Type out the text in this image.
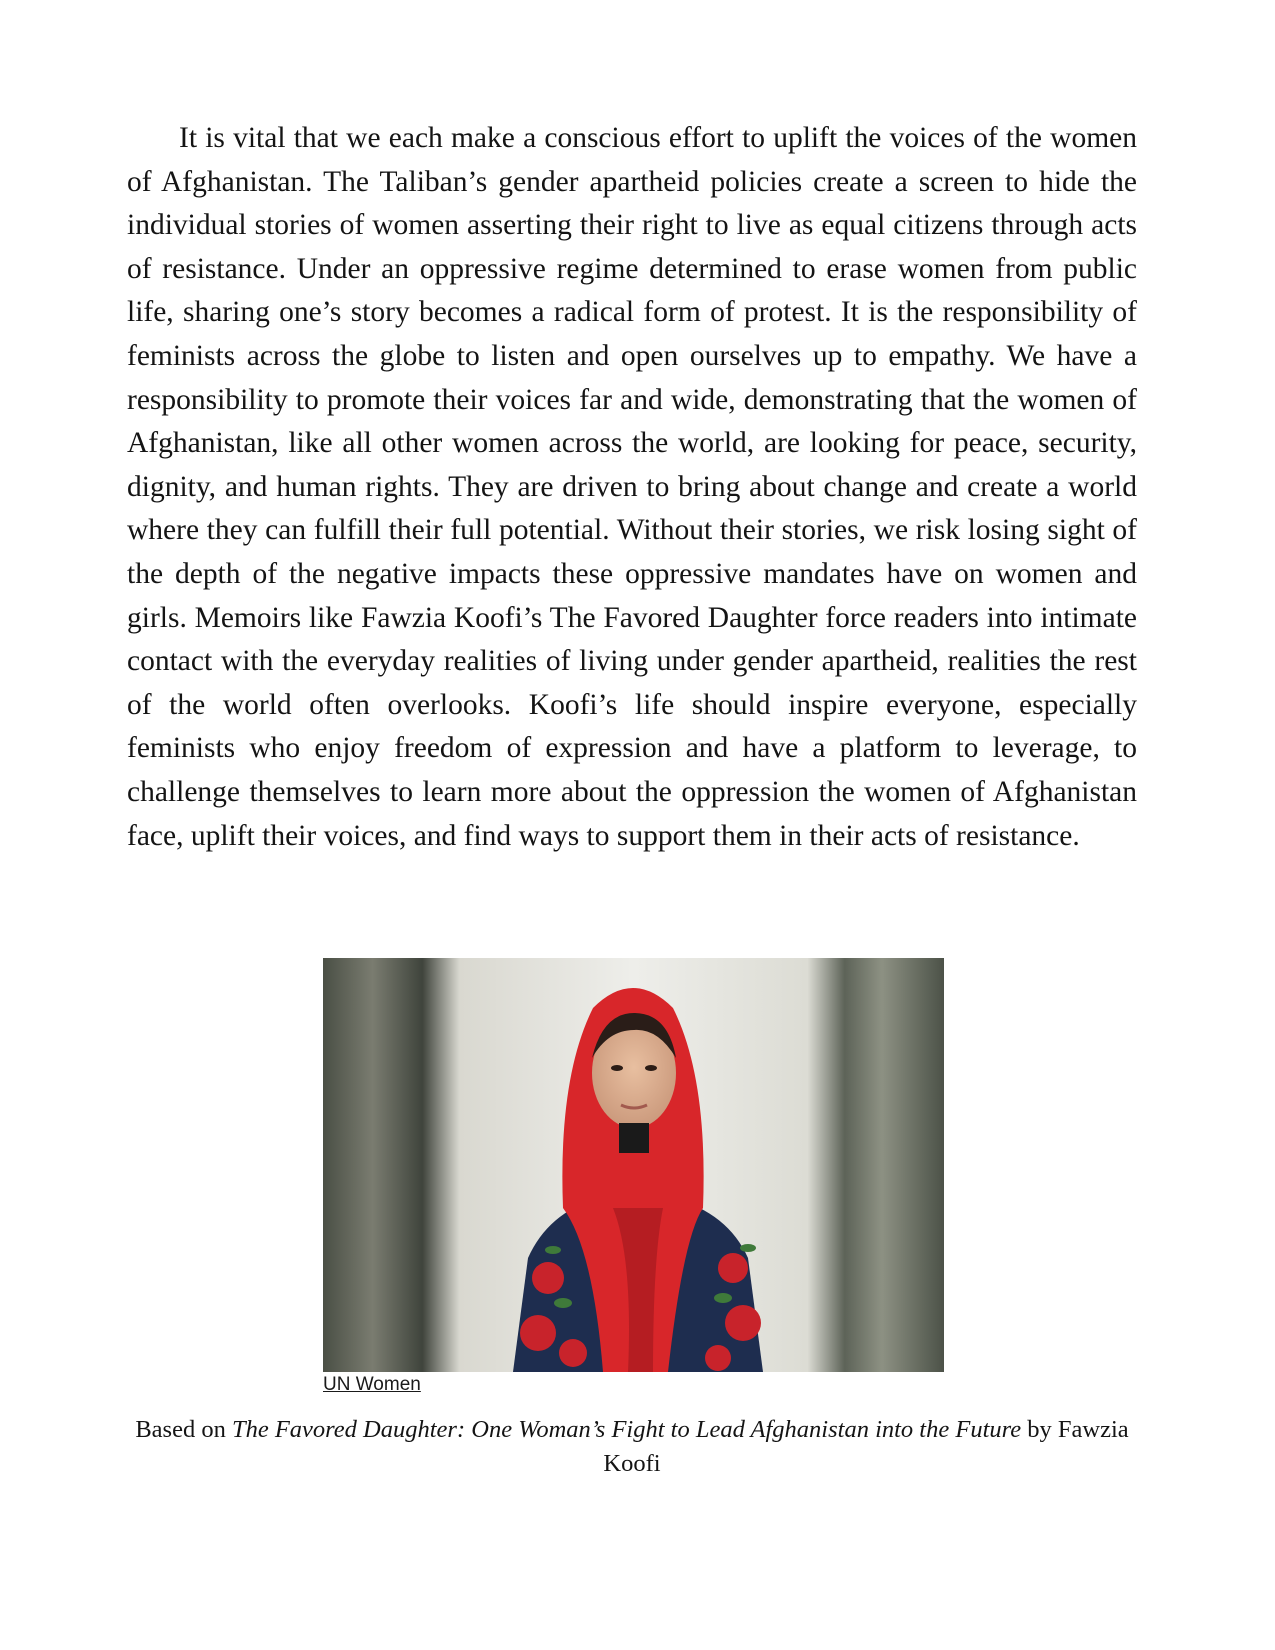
It is vital that we each make a conscious effort to uplift the voices of the women of Afghanistan. The Taliban’s gender apartheid policies create a screen to hide the individual stories of women asserting their right to live as equal citizens through acts of resistance. Under an oppressive regime determined to erase women from public life, sharing one’s story becomes a radical form of protest. It is the responsibility of feminists across the globe to listen and open ourselves up to empathy. We have a responsibility to promote their voices far and wide, demonstrating that the women of Afghanistan, like all other women across the world, are looking for peace, security, dignity, and human rights. They are driven to bring about change and create a world where they can fulfill their full potential. Without their stories, we risk losing sight of the depth of the negative impacts these oppressive mandates have on women and girls. Memoirs like Fawzia Koofi’s The Favored Daughter force readers into intimate contact with the everyday realities of living under gender apartheid, realities the rest of the world often overlooks. Koofi’s life should inspire everyone, especially feminists who enjoy freedom of expression and have a platform to leverage, to challenge themselves to learn more about the oppression the women of Afghanistan face, uplift their voices, and find ways to support them in their acts of resistance.

UN Women

Based on The Favored Daughter: One Woman’s Fight to Lead Afghanistan into the Future by Fawzia Koofi
